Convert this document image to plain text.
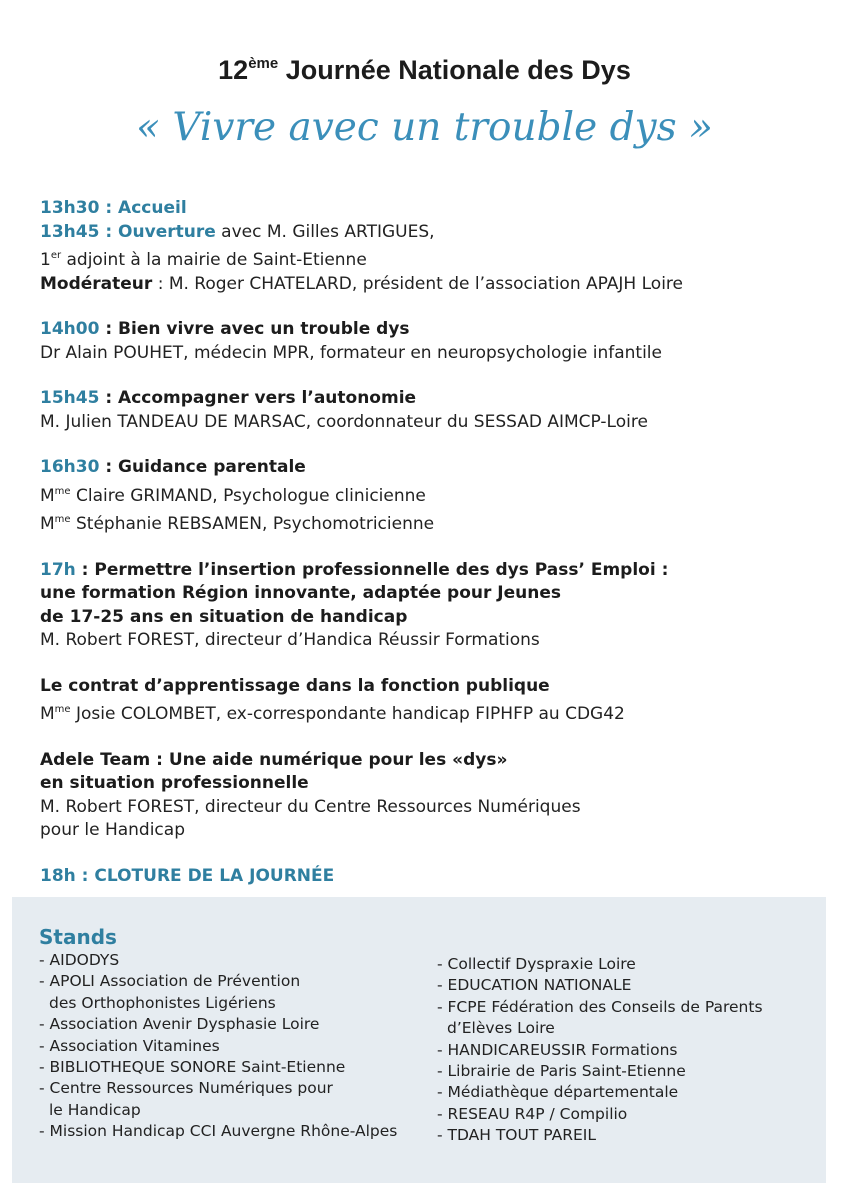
12ème Journée Nationale des Dys
« Vivre avec un trouble dys »
13h30 : Accueil
13h45 : Ouverture avec M. Gilles ARTIGUES,
1er adjoint à la mairie de Saint-Etienne
Modérateur : M. Roger CHATELARD, président de l’association APAJH Loire
14h00 : Bien vivre avec un trouble dys
Dr Alain POUHET, médecin MPR, formateur en neuropsychologie infantile
15h45 : Accompagner vers l’autonomie
M. Julien TANDEAU DE MARSAC, coordonnateur du SESSAD AIMCP-Loire
16h30 : Guidance parentale
$M^{me}$ Claire GRIMAND, Psychologue clinicienne
$M^{me}$ Stéphanie REBSAMEN, Psychomotricienne
17h : Permettre l’insertion professionnelle des dys Pass’ Emploi :
une formation Région innovante, adaptée pour Jeunes
de 17-25 ans en situation de handicap
M. Robert FOREST, directeur d’Handica Réussir Formations
Le contrat d’apprentissage dans la fonction publique
$M^{me}$ Josie COLOMBET, ex-correspondante handicap FIPHFP au CDG42
Adele Team : Une aide numérique pour les «dys»
en situation professionnelle
M. Robert FOREST, directeur du Centre Ressources Numériques
pour le Handicap
18h : CLOTURE DE LA JOURNÉE
Stands
- AIDODYS
- APOLI Association de Prévention
des Orthophonistes Ligériens
- Association Avenir Dysphasie Loire
- Association Vitamines
- BIBLIOTHEQUE SONORE Saint-Etienne
- Centre Ressources Numériques pour
le Handicap
- Mission Handicap CCI Auvergne Rhône-Alpes
- Collectif Dyspraxie Loire
- EDUCATION NATIONALE
- FCPE Fédération des Conseils de Parents
d’Elèves Loire
- HANDICAREUSSIR Formations
- Librairie de Paris Saint-Etienne
- Médiathèque départementale
- RESEAU R4P / Compilio
- TDAH TOUT PAREIL
